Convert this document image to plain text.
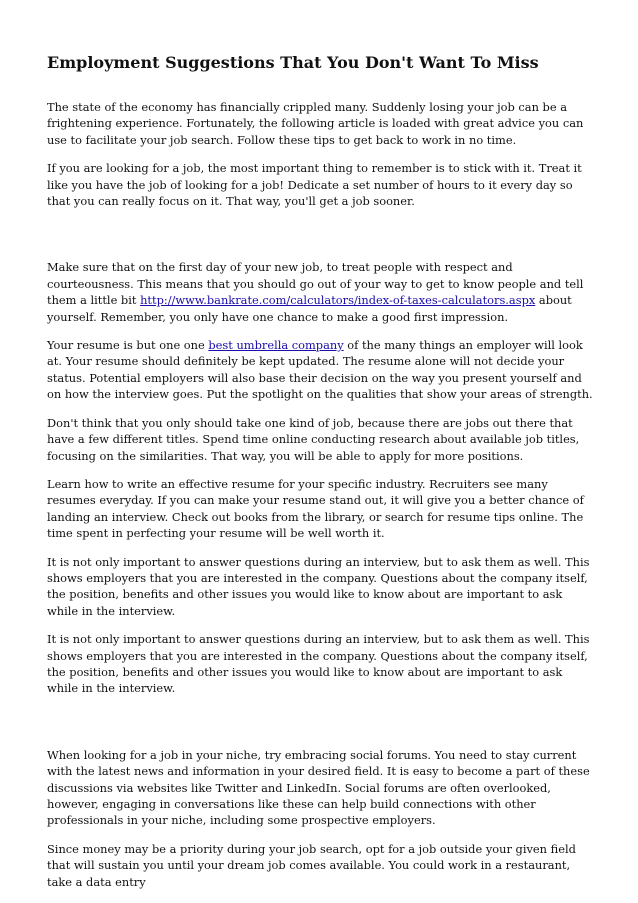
Employment Suggestions That You Don't Want To Miss

The state of the economy has financially crippled many. Suddenly losing your job can be a frightening experience. Fortunately, the following article is loaded with great advice you can use to facilitate your job search. Follow these tips to get back to work in no time.

If you are looking for a job, the most important thing to remember is to stick with it. Treat it like you have the job of looking for a job! Dedicate a set number of hours to it every day so that you can really focus on it. That way, you'll get a job sooner.

Make sure that on the first day of your new job, to treat people with respect and courteousness. This means that you should go out of your way to get to know people and tell them a little bit http://www.bankrate.com/calculators/index-of-taxes-calculators.aspx about yourself. Remember, you only have one chance to make a good first impression.

Your resume is but one one best umbrella company of the many things an employer will look at. Your resume should definitely be kept updated. The resume alone will not decide your status. Potential employers will also base their decision on the way you present yourself and on how the interview goes. Put the spotlight on the qualities that show your areas of strength.

Don't think that you only should take one kind of job, because there are jobs out there that have a few different titles. Spend time online conducting research about available job titles, focusing on the similarities. That way, you will be able to apply for more positions.

Learn how to write an effective resume for your specific industry. Recruiters see many resumes everyday. If you can make your resume stand out, it will give you a better chance of landing an interview. Check out books from the library, or search for resume tips online. The time spent in perfecting your resume will be well worth it.

It is not only important to answer questions during an interview, but to ask them as well. This shows employers that you are interested in the company. Questions about the company itself, the position, benefits and other issues you would like to know about are important to ask while in the interview.

It is not only important to answer questions during an interview, but to ask them as well. This shows employers that you are interested in the company. Questions about the company itself, the position, benefits and other issues you would like to know about are important to ask while in the interview.

When looking for a job in your niche, try embracing social forums. You need to stay current with the latest news and information in your desired field. It is easy to become a part of these discussions via websites like Twitter and LinkedIn. Social forums are often overlooked, however, engaging in conversations like these can help build connections with other professionals in your niche, including some prospective employers.

Since money may be a priority during your job search, opt for a job outside your given field that will sustain you until your dream job comes available. You could work in a restaurant, take a data entry
